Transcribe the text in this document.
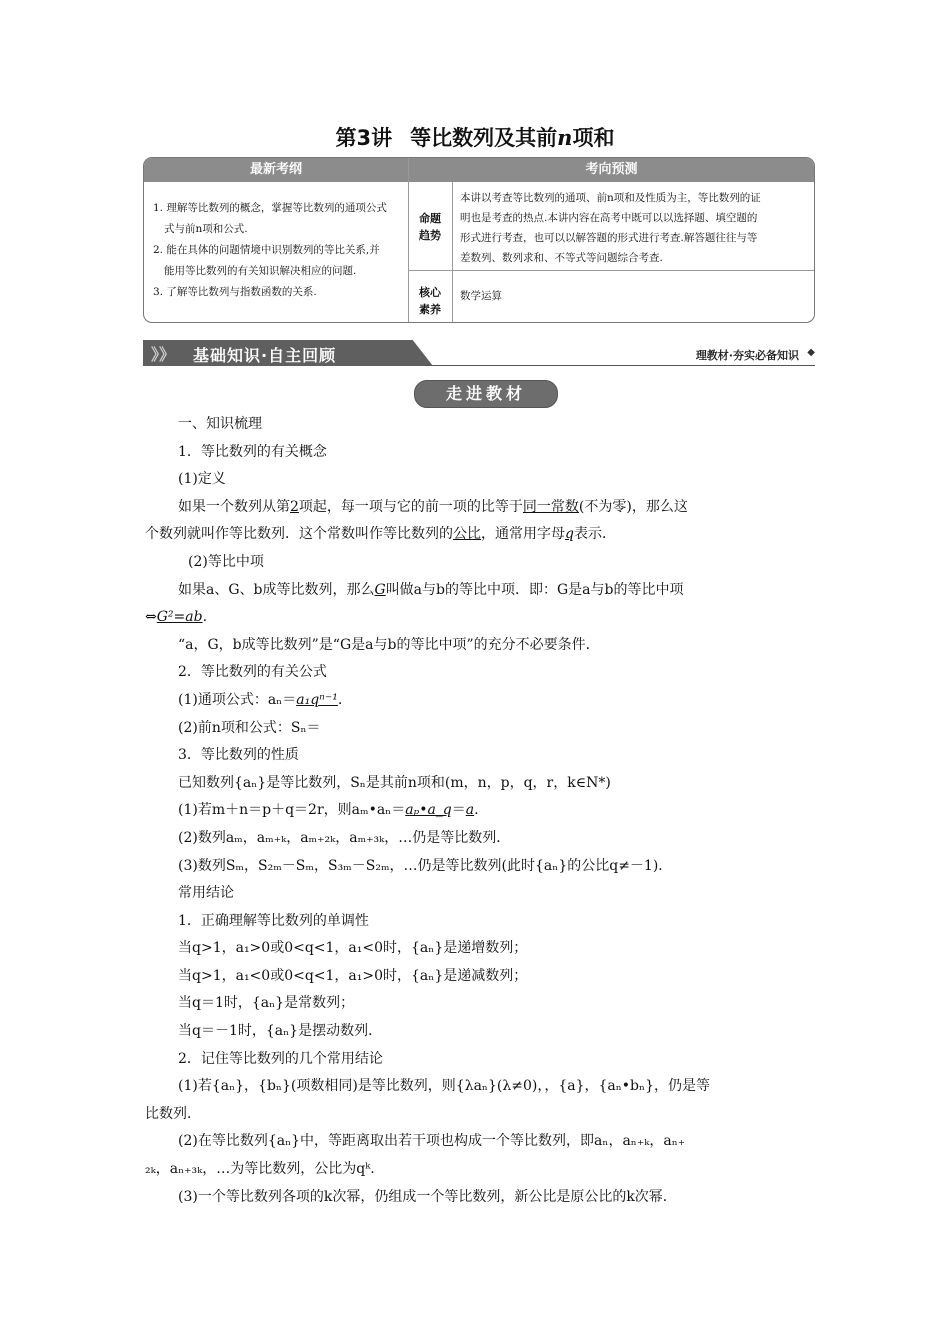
第3讲 等比数列及其前n项和
最新考纲	考向预测

1. 理解等比数列的概念，掌握等比数列的通项公式

式与前n项和公式.

2. 能在具体的问题情境中识别数列的等比关系,并

能用等比数列的有关知识解决相应的问题.

3. 了解等比数列与指数函数的关系.

命题
趋势
核心
素养
本讲以考查等比数列的通项、前n项和及性质为主，等比数列的证
明也是考查的热点.本讲内容在高考中既可以以选择题、填空题的
形式进行考查，也可以以解答题的形式进行考查.解答题往往与等
差数列、数列求和、不等式等问题综合考查.
数学运算
》》 基础知识·自主回顾	理教材·夯实必备知识 ◆
走进教材
一、知识梳理
1．等比数列的有关概念
(1)定义
如果一个数列从第2项起，每一项与它的前一项的比等于同一常数(不为零)，那么这
个数列就叫作等比数列．这个常数叫作等比数列的公比，通常用字母q表示．
(2)等比中项
如果a、G、b成等比数列，那么G叫做a与b的等比中项．即：G是a与b的等比中项
⇔G²=ab.
“a，G，b成等比数列”是“G是a与b的等比中项”的充分不必要条件．
2．等比数列的有关公式
(1)通项公式：aₙ＝a₁qⁿ⁻¹.
(2)前n项和公式：Sₙ＝
3．等比数列的性质
已知数列{aₙ}是等比数列，Sₙ是其前n项和(m，n，p，q，r，k∈N*)
(1)若m＋n＝p＋q＝2r，则aₘ•aₙ＝aₚ•a_q＝a.
(2)数列aₘ，aₘ₊ₖ，aₘ₊₂ₖ，aₘ₊₃ₖ，…仍是等比数列．
(3)数列Sₘ，S₂ₘ－Sₘ，S₃ₘ－S₂ₘ，…仍是等比数列(此时{aₙ}的公比q≠－1)．
常用结论
1．正确理解等比数列的单调性
当q>1，a₁>0或0<q<1，a₁<0时，{aₙ}是递增数列；
当q>1，a₁<0或0<q<1，a₁>0时，{aₙ}是递减数列；
当q＝1时，{aₙ}是常数列；
当q＝－1时，{aₙ}是摆动数列．
2．记住等比数列的几个常用结论
(1)若{aₙ}，{bₙ}(项数相同)是等比数列，则{λaₙ}(λ≠0)，，{a}，{aₙ•bₙ}，仍是等
比数列．
(2)在等比数列{aₙ}中，等距离取出若干项也构成一个等比数列，即aₙ，aₙ₊ₖ，aₙ₊
₂ₖ，aₙ₊₃ₖ，…为等比数列，公比为qᵏ.
(3)一个等比数列各项的k次幂，仍组成一个等比数列，新公比是原公比的k次幂．
